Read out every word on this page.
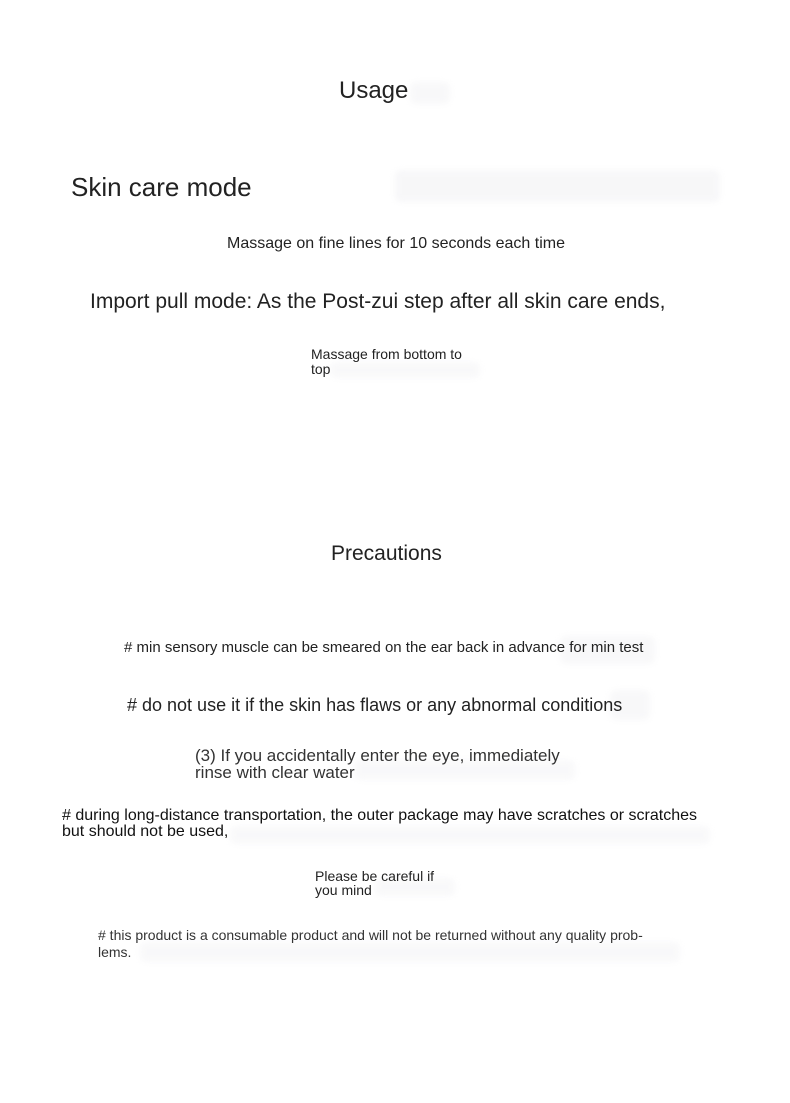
Usage
Skin care mode

Massage on fine lines for 10 seconds each time

Import pull mode: As the Post-zui step after all skin care ends,

Massage from bottom to top

Precautions

# min sensory muscle can be smeared on the ear back in advance for min test

# do not use it if the skin has flaws or any abnormal conditions

(3) If you accidentally enter the eye, immediately rinse with clear water

# during long-distance transportation, the outer package may have scratches or scratches but should not be used,

Please be careful if you mind

# this product is a consumable product and will not be returned without any quality prob-lems.
